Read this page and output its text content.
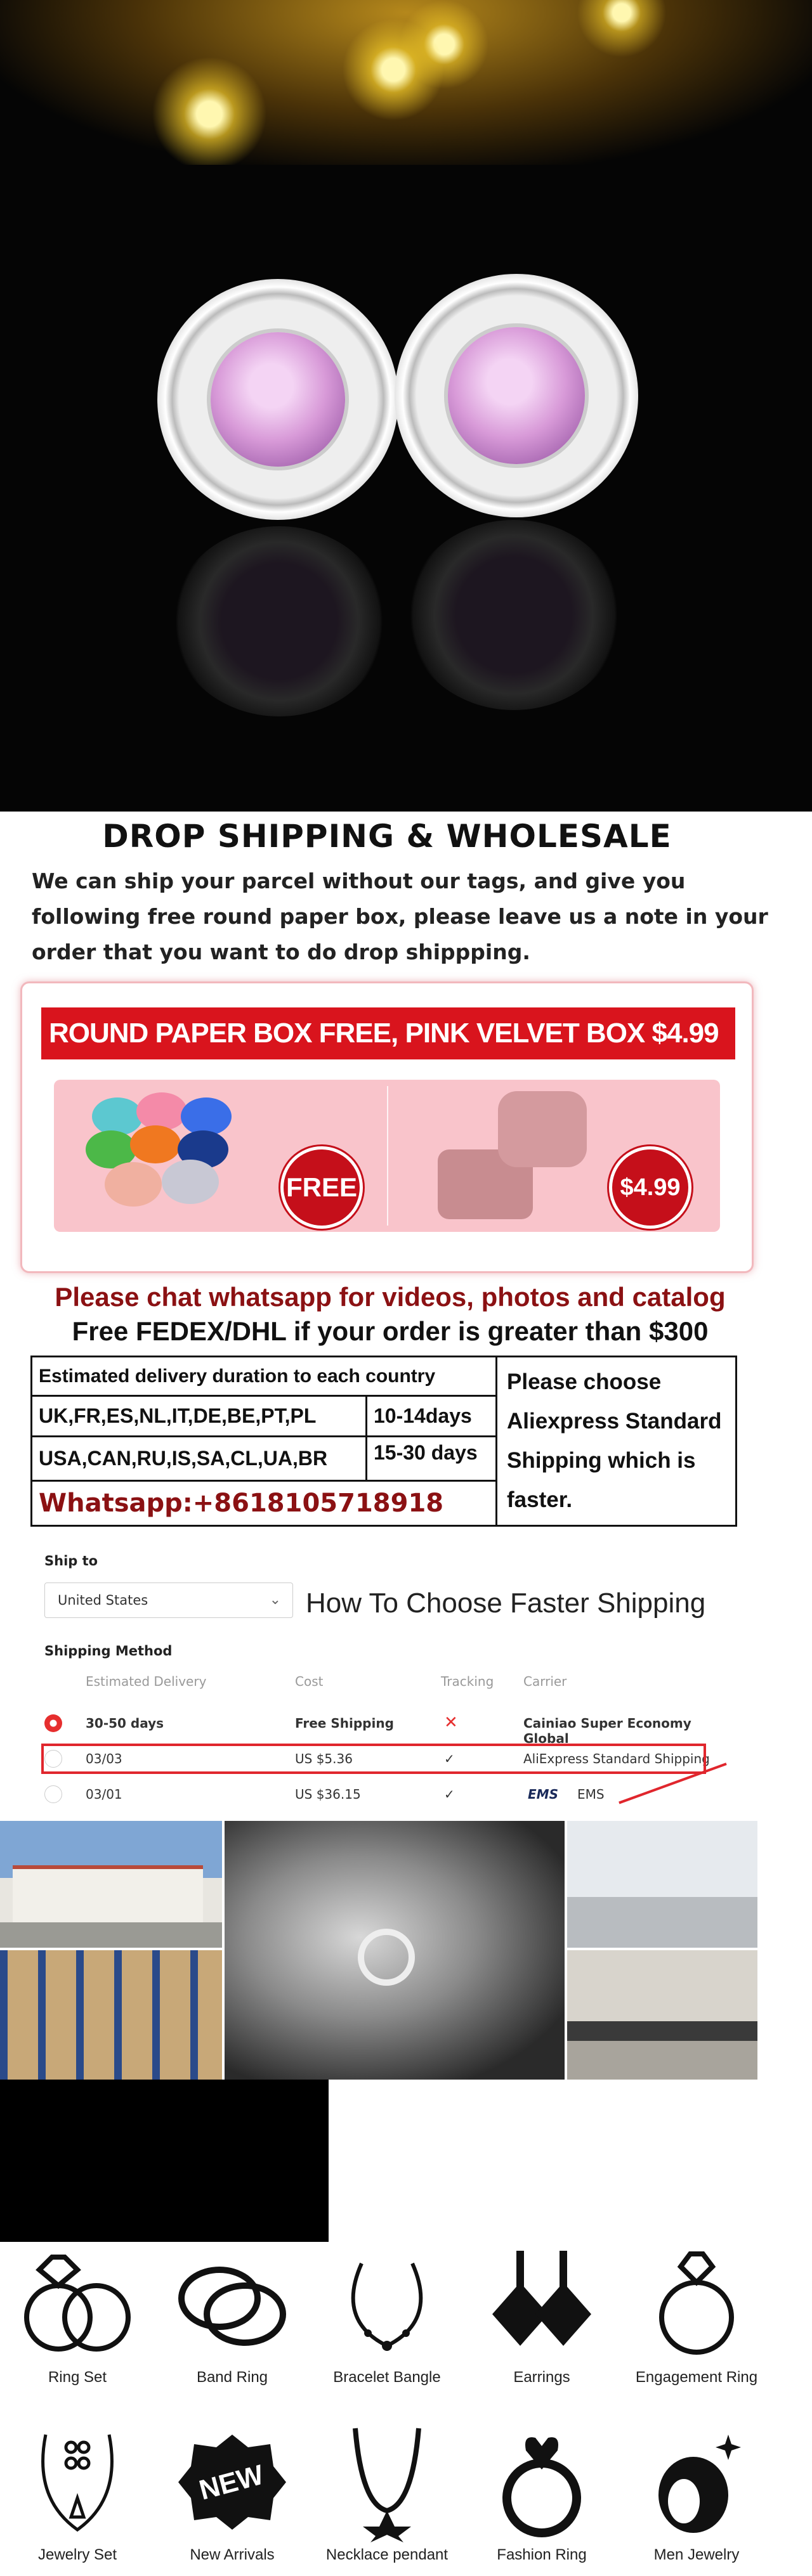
DROP SHIPPING & WHOLESALE
We can ship your parcel without our tags, and give you following free round paper box, please leave us a note in your order that you want to do drop shippping.
ROUND PAPER BOX FREE, PINK VELVET BOX $4.99
FREE	$4.99
Please chat whatsapp for videos, photos and catalog
Free FEDEX/DHL if your order is greater than $300
Estimated delivery duration to each country
UK,FR,ES,NL,IT,DE,BE,PT,PL	10-14days
USA,CAN,RU,IS,SA,CL,UA,BR	15-30 days
Whatsapp:+8618105718918
Please choose Aliexpress Standard Shipping which is faster.
Ship to
United States	⌄ How To Choose Faster Shipping
Shipping Method
Estimated Delivery	Cost	Tracking Carrier
30-50 days	Free Shipping	✕	Cainiao Super Economy Global
03/03	US $5.36	✓	AliExpress Standard Shipping
03/01	US $36.15	✓	EMS EMS
Ring Set	Band Ring	Bracelet Bangle	Earrings	Engagement Ring
Jewelry Set
NEW
New Arrivals	Necklace pendant	Fashion Ring	Men Jewelry
